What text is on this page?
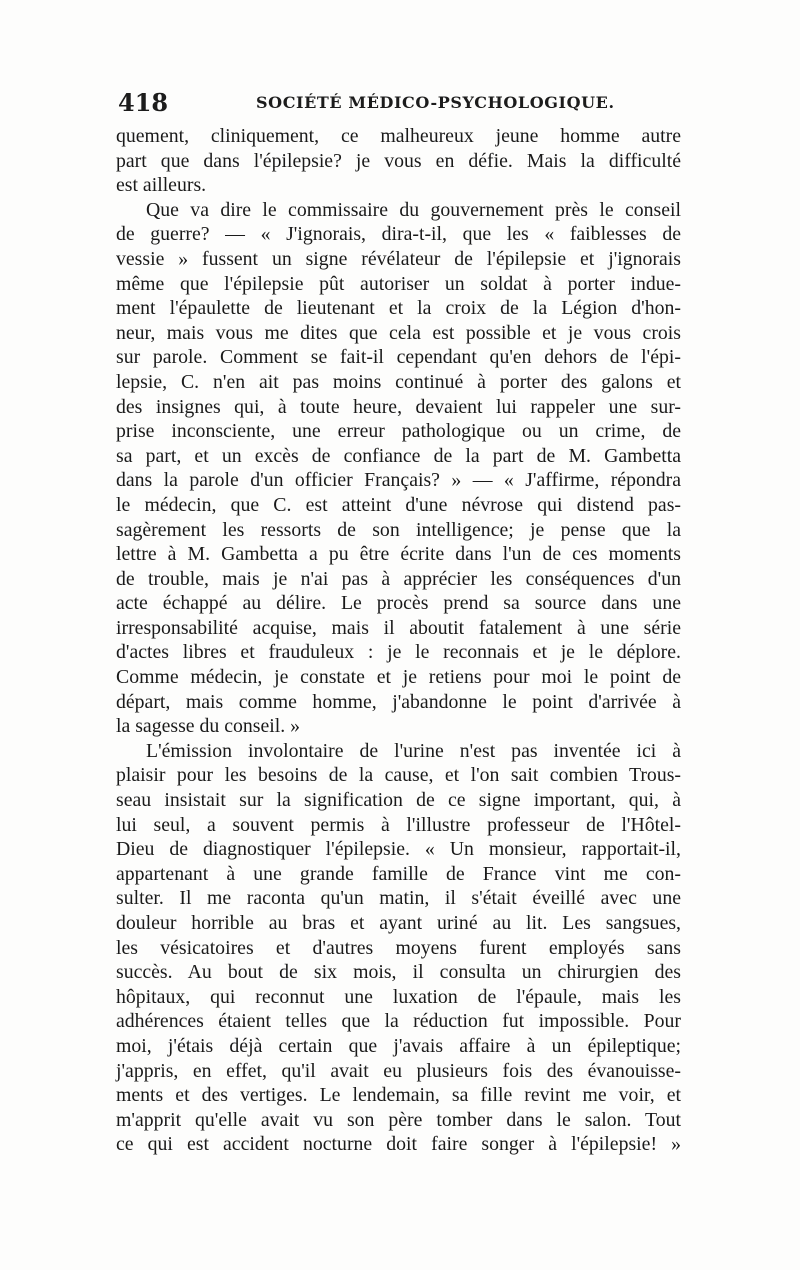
418	SOCIÉTÉ MÉDICO-PSYCHOLOGIQUE.

quement, cliniquement, ce malheureux jeune homme autre

part que dans l'épilepsie? je vous en défie. Mais la difficulté

est ailleurs.

Que va dire le commissaire du gouvernement près le conseil

de guerre? — « J'ignorais, dira-t-il, que les « faiblesses de

vessie » fussent un signe révélateur de l'épilepsie et j'ignorais

même que l'épilepsie pût autoriser un soldat à porter indue-

ment l'épaulette de lieutenant et la croix de la Légion d'hon-

neur, mais vous me dites que cela est possible et je vous crois

sur parole. Comment se fait-il cependant qu'en dehors de l'épi-

lepsie, C. n'en ait pas moins continué à porter des galons et

des insignes qui, à toute heure, devaient lui rappeler une sur-

prise inconsciente, une erreur pathologique ou un crime, de

sa part, et un excès de confiance de la part de M. Gambetta

dans la parole d'un officier Français? » — « J'affirme, répondra

le médecin, que C. est atteint d'une névrose qui distend pas-

sagèrement les ressorts de son intelligence; je pense que la

lettre à M. Gambetta a pu être écrite dans l'un de ces moments

de trouble, mais je n'ai pas à apprécier les conséquences d'un

acte échappé au délire. Le procès prend sa source dans une

irresponsabilité acquise, mais il aboutit fatalement à une série

d'actes libres et frauduleux : je le reconnais et je le déplore.

Comme médecin, je constate et je retiens pour moi le point de

départ, mais comme homme, j'abandonne le point d'arrivée à

la sagesse du conseil. »

L'émission involontaire de l'urine n'est pas inventée ici à

plaisir pour les besoins de la cause, et l'on sait combien Trous-

seau insistait sur la signification de ce signe important, qui, à

lui seul, a souvent permis à l'illustre professeur de l'Hôtel-

Dieu de diagnostiquer l'épilepsie. « Un monsieur, rapportait-il,

appartenant à une grande famille de France vint me con-

sulter. Il me raconta qu'un matin, il s'était éveillé avec une

douleur horrible au bras et ayant uriné au lit. Les sangsues,

les vésicatoires et d'autres moyens furent employés sans

succès. Au bout de six mois, il consulta un chirurgien des

hôpitaux, qui reconnut une luxation de l'épaule, mais les

adhérences étaient telles que la réduction fut impossible. Pour

moi, j'étais déjà certain que j'avais affaire à un épileptique;

j'appris, en effet, qu'il avait eu plusieurs fois des évanouisse-

ments et des vertiges. Le lendemain, sa fille revint me voir, et

m'apprit qu'elle avait vu son père tomber dans le salon. Tout

ce qui est accident nocturne doit faire songer à l'épilepsie! »
